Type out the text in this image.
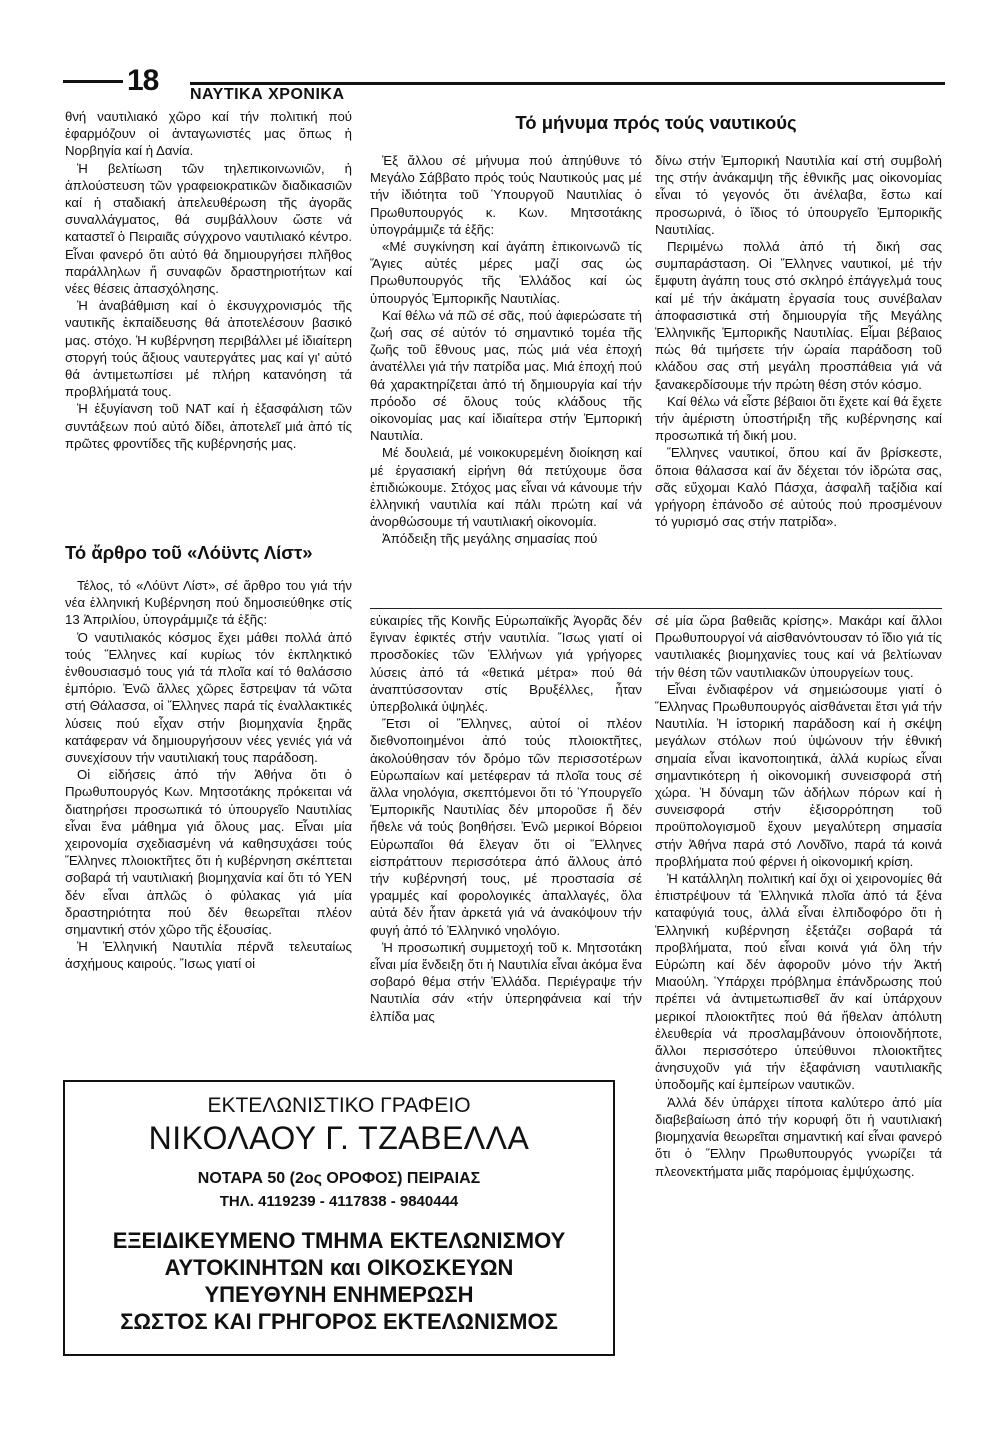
18 ΝΑΥΤΙΚΑ ΧΡΟΝΙΚΑ

θνή ναυτιλιακό χῶρο καί τήν πολιτική πού ἐφαρμόζουν οἱ ἀνταγωνιστές μας ὅπως ἡ Νορβηγία καί ἡ Δανία.

Ἡ βελτίωση τῶν τηλεπικοινωνιῶν, ἡ ἀπλούστευση τῶν γραφειοκρατικῶν διαδικασιῶν καί ἡ σταδιακή ἀπελευθέρωση τῆς ἀγορᾶς συναλλάγματος, θά συμβάλλουν ὥστε νά καταστεῖ ὁ Πειραιᾶς σύγχρονο ναυτιλιακό κέντρο. Εἶναι φανερό ὅτι αὐτό θά δημιουργήσει πλῆθος παράλληλων ἤ συναφῶν δραστηριοτήτων καί νέες θέσεις ἀπασχόλησης.

Ἡ ἀναβάθμιση καί ὁ ἐκσυγχρονισμός τῆς ναυτικῆς ἐκπαίδευσης θά ἀποτελέσουν βασικό μας. στόχο. Ἡ κυβέρνηση περιβάλλει μέ ἰδιαίτερη στοργή τούς ἄξιους ναυτεργάτες μας καί γι' αὐτό θά ἀντιμετωπίσει μέ πλήρη κατανόηση τά προβλήματά τους.

Ἡ ἐξυγίανση τοῦ ΝΑΤ καί ἡ ἐξασφάλιση τῶν συντάξεων πού αὐτό δίδει, ἀποτελεῖ μιά ἀπό τίς πρῶτες φροντίδες τῆς κυβέρνησής μας.

Τό ἄρθρο τοῦ «Λόϋντς Λίστ»

Τέλος, τό «Λόϋντ Λίστ», σέ ἄρθρο του γιά τήν νέα ἑλληνική Κυβέρνηση πού δημοσιεύθηκε στίς 13 Ἀπριλίου, ὑπογράμμιζε τά ἑξῆς:

Ὁ ναυτιλιακός κόσμος ἔχει μάθει πολλά ἀπό τούς Ἕλληνες καί κυρίως τόν ἐκπληκτικό ἐνθουσιασμό τους γιά τά πλοῖα καί τό θαλάσσιο ἐμπόριο. Ἐνῶ ἄλλες χῶρες ἔστρεψαν τά νῶτα στή Θάλασσα, οἱ Ἕλληνες παρά τίς ἐναλλακτικές λύσεις πού εἶχαν στήν βιομηχανία ξηρᾶς κατάφεραν νά δημιουργήσουν νέες γενιές γιά νά συνεχίσουν τήν ναυτιλιακή τους παράδοση.

Οἱ εἰδήσεις ἀπό τήν Ἀθήνα ὅτι ὁ Πρωθυπουργός Κων. Μητσοτάκης πρόκειται νά διατηρήσει προσωπικά τό ὑπουργεῖο Ναυτιλίας εἶναι ἕνα μάθημα γιά ὅλους μας. Εἶναι μία χειρονομία σχεδιασμένη νά καθησυχάσει τούς Ἕλληνες πλοιοκτῆτες ὅτι ἡ κυβέρνηση σκέπτεται σοβαρά τή ναυτιλιακή βιομηχανία καί ὅτι τό ΥΕΝ δέν εἶναι ἁπλῶς ὁ φύλακας γιά μία δραστηριότητα πού δέν θεωρεῖται πλέον σημαντική στόν χῶρο τῆς ἐξουσίας.

Ἡ Ἑλληνική Ναυτιλία πέρνᾶ τελευταίως ἀσχήμους καιρούς. Ἴσως γιατί οἱ

Τό μήνυμα πρός τούς ναυτικούς

Ἐξ ἄλλου σέ μήνυμα πού ἀπηύθυνε τό Μεγάλο Σάββατο πρός τούς Ναυτικούς μας μέ τήν ἰδιότητα τοῦ Ὑπουργοῦ Ναυτιλίας ὁ Πρωθυπουργός κ. Κων. Μητσοτάκης ὑπογράμμιζε τά ἑξῆς:

«Μέ συγκίνηση καί ἀγάπη ἐπικοινωνῶ τίς Ἅγιες αὐτές μέρες μαζί σας ὡς Πρωθυπουργός τῆς Ἑλλάδος καί ὡς ὑπουργός Ἐμπορικῆς Ναυτιλίας.

Καί θέλω νά πῶ σέ σᾶς, πού ἀφιερώσατε τή ζωή σας σέ αὐτόν τό σημαντικό τομέα τῆς ζωῆς τοῦ ἔθνους μας, πώς μιά νέα ἐποχή ἀνατέλλει γιά τήν πατρίδα μας. Μιά ἐποχή πού θά χαρακτηρίζεται ἀπό τή δημιουργία καί τήν πρόοδο σέ ὅλους τούς κλάδους τῆς οἰκονομίας μας καί ἰδιαίτερα στήν Ἐμπορική Ναυτιλία.

Μέ δουλειά, μέ νοικοκυρεμένη διοίκηση καί μέ ἐργασιακή εἰρήνη θά πετύχουμε ὅσα ἐπιδιώκουμε. Στόχος μας εἶναι νά κάνουμε τήν ἑλληνική ναυτιλία καί πάλι πρώτη καί νά ἀνορθώσουμε τή ναυτιλιακή οἰκονομία.

Ἀπόδειξη τῆς μεγάλης σημασίας πού

δίνω στήν Ἐμπορική Ναυτιλία καί στή συμβολή της στήν ἀνάκαμψη τῆς ἐθνικῆς μας οἰκονομίας εἶναι τό γεγονός ὅτι ἀνέλαβα, ἔστω καί προσωρινά, ὁ ἴδιος τό ὑπουργεῖο Ἐμπορικῆς Ναυτιλίας.

Περιμένω πολλά ἀπό τή δική σας συμπαράσταση. Οἱ Ἕλληνες ναυτικοί, μέ τήν ἔμφυτη ἀγάπη τους στό σκληρό ἐπάγγελμά τους καί μέ τήν ἀκάματη ἐργασία τους συνέβαλαν ἀποφασιστικά στή δημιουργία τῆς Μεγάλης Ἑλληνικῆς Ἐμπορικῆς Ναυτιλίας. Εἶμαι βέβαιος πώς θά τιμήσετε τήν ὡραία παράδοση τοῦ κλάδου σας στή μεγάλη προσπάθεια γιά νά ξανακερδίσουμε τήν πρώτη θέση στόν κόσμο.

Καί θέλω νά εἶστε βέβαιοι ὅτι ἔχετε καί θά ἔχετε τήν ἀμέριστη ὑποστήριξη τῆς κυβέρνησης καί προσωπικά τή δική μου.

Ἕλληνες ναυτικοί, ὅπου καί ἄν βρίσκεστε, ὅποια θάλασσα καί ἄν δέχεται τόν ἱδρώτα σας, σᾶς εὔχομαι Καλό Πάσχα, ἀσφαλῆ ταξίδια καί γρήγορη ἐπάνοδο σέ αὐτούς πού προσμένουν τό γυρισμό σας στήν πατρίδα».

εὐκαιρίες τῆς Κοινῆς Εὐρωπαϊκῆς Ἀγορᾶς δέν ἔγιναν ἐφικτές στήν ναυτιλία. Ἴσως γιατί οἱ προσδοκίες τῶν Ἑλλήνων γιά γρήγορες λύσεις ἀπό τά «θετικά μέτρα» πού θά ἀναπτύσσονταν στίς Βρυξέλλες, ἦταν ὑπερβολικά ὑψηλές.

Ἔτσι οἱ Ἕλληνες, αὐτοί οἱ πλέον διεθνοποιημένοι ἀπό τούς πλοιοκτῆτες, ἀκολούθησαν τόν δρόμο τῶν περισσοτέρων Εὐρωπαίων καί μετέφεραν τά πλοῖα τους σέ ἄλλα νηολόγια, σκεπτόμενοι ὅτι τό Ὑπουργεῖο Ἐμπορικῆς Ναυτιλίας δέν μποροῦσε ἤ δέν ἤθελε νά τούς βοηθήσει. Ἐνῶ μερικοί Βόρειοι Εὐρωπαῖοι θά ἔλεγαν ὅτι οἱ Ἕλληνες εἰσπράττουν περισσότερα ἀπό ἄλλους ἀπό τήν κυβέρνησή τους, μέ προστασία σέ γραμμές καί φορολογικές ἀπαλλαγές, ὅλα αὐτά δέν ἦταν ἀρκετά γιά νά ἀνακόψουν τήν φυγή ἀπό τό Ἑλληνικό νηολόγιο.

Ἡ προσωπική συμμετοχή τοῦ κ. Μητσοτάκη εἶναι μία ἔνδειξη ὅτι ἡ Ναυτιλία εἶναι ἀκόμα ἕνα σοβαρό θέμα στήν Ἑλλάδα. Περιέγραψε τήν Ναυτιλία σάν «τήν ὑπερηφάνεια καί τήν ἐλπίδα μας

σέ μία ὥρα βαθειᾶς κρίσης». Μακάρι καί ἄλλοι Πρωθυπουργοί νά αἰσθανόντουσαν τό ἴδιο γιά τίς ναυτιλιακές βιομηχανίες τους καί νά βελτίωναν τήν θέση τῶν ναυτιλιακῶν ὑπουργείων τους.

Εἶναι ἐνδιαφέρον νά σημειώσουμε γιατί ὁ Ἕλληνας Πρωθυπουργός αἰσθάνεται ἔτσι γιά τήν Ναυτιλία. Ἡ ἱστορική παράδοση καί ἡ σκέψη μεγάλων στόλων πού ὑψώνουν τήν ἐθνική σημαία εἶναι ἱκανοποιητικά, ἀλλά κυρίως εἶναι σημαντικότερη ἡ οἰκονομική συνεισφορά στή χώρα. Ἡ δύναμη τῶν ἀδήλων πόρων καί ἡ συνεισφορά στήν ἐξισορρόπηση τοῦ προϋπολογισμοῦ ἔχουν μεγαλύτερη σημασία στήν Ἀθήνα παρά στό Λονδῖνο, παρά τά κοινά προβλήματα πού φέρνει ἡ οἰκονομική κρίση.

Ἡ κατάλληλη πολιτική καί ὄχι οἱ χειρονομίες θά ἐπιστρέψουν τά Ἑλληνικά πλοῖα ἀπό τά ξένα καταφύγιά τους, ἀλλά εἶναι ἐλπιδοφόρο ὅτι ἡ Ἑλληνική κυβέρνηση ἐξετάζει σοβαρά τά προβλήματα, πού εἶναι κοινά γιά ὅλη τήν Εὐρώπη καί δέν ἀφοροῦν μόνο τήν Ἀκτή Μιαούλη. Ὑπάρχει πρόβλημα ἐπάνδρωσης πού πρέπει νά ἀντιμετωπισθεῖ ἄν καί ὑπάρχουν μερικοί πλοιοκτῆτες πού θά ἤθελαν ἀπόλυτη ἐλευθερία νά προσλαμβάνουν ὁποιονδήποτε, ἄλλοι περισσότερο ὑπεύθυνοι πλοιοκτῆτες ἀνησυχοῦν γιά τήν ἐξαφάνιση ναυτιλιακῆς ὑποδομῆς καί ἐμπείρων ναυτικῶν.

Ἀλλά δέν ὑπάρχει τίποτα καλύτερο ἀπό μία διαβεβαίωση ἀπό τήν κορυφή ὅτι ἡ ναυτιλιακή βιομηχανία θεωρεῖται σημαντική καί εἶναι φανερό ὅτι ὁ Ἕλλην Πρωθυπουργός γνωρίζει τά πλεονεκτήματα μιᾶς παρόμοιας ἐμψύχωσης.

ΕΚΤΕΛΩΝΙΣΤΙΚΟ ΓΡΑΦΕΙΟ
ΝΙΚΟΛΑΟΥ Γ. ΤΖΑΒΕΛΛΑ
ΝΟΤΑΡΑ 50 (2ος ΟΡΟΦΟΣ) ΠΕΙΡΑΙΑΣ
ΤΗΛ. 4119239 - 4117838 - 9840444
ΕΞΕΙΔΙΚΕΥΜΕΝΟ ΤΜΗΜΑ ΕΚΤΕΛΩΝΙΣΜΟΥ
ΑΥΤΟΚΙΝΗΤΩΝ και ΟΙΚΟΣΚΕΥΩΝ
ΥΠΕΥΘΥΝΗ ΕΝΗΜΕΡΩΣΗ
ΣΩΣΤΟΣ ΚΑΙ ΓΡΗΓΟΡΟΣ ΕΚΤΕΛΩΝΙΣΜΟΣ
